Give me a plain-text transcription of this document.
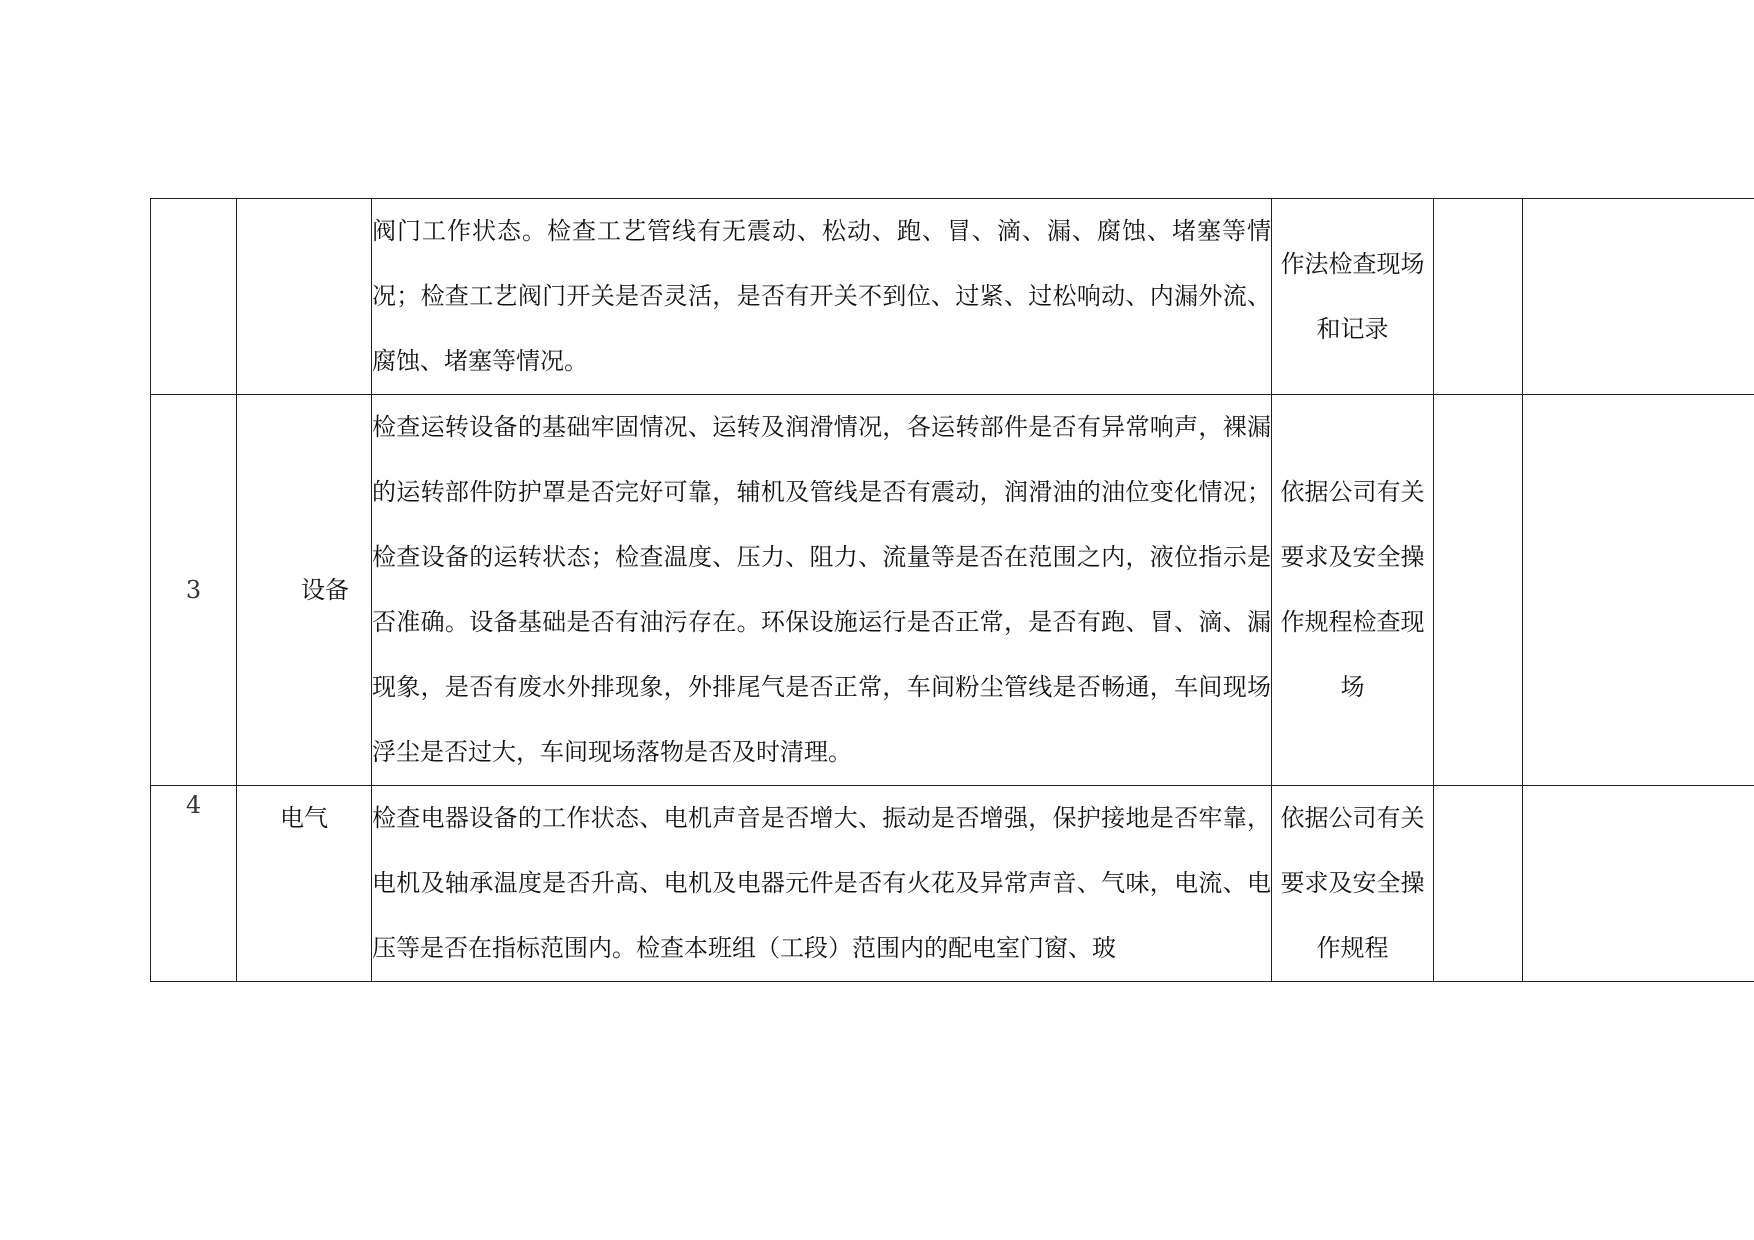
		阀门工作状态。检查工艺管线有无震动、松动、跑、冒、滴、漏、腐蚀、堵塞等情况；检查工艺阀门开关是否灵活，是否有开关不到位、过紧、过松响动、内漏外流、腐蚀、堵塞等情况。	作法检查现场和记录		

3	设备	检查运转设备的基础牢固情况、运转及润滑情况，各运转部件是否有异常响声，裸漏的运转部件防护罩是否完好可靠，辅机及管线是否有震动，润滑油的油位变化情况；检查设备的运转状态；检查温度、压力、阻力、流量等是否在范围之内，液位指示是否准确。设备基础是否有油污存在。环保设施运行是否正常，是否有跑、冒、滴、漏现象，是否有废水外排现象，外排尾气是否正常，车间粉尘管线是否畅通，车间现场浮尘是否过大，车间现场落物是否及时清理。	依据公司有关要求及安全操作规程检查现场		

4	电气	检查电器设备的工作状态、电机声音是否增大、振动是否增强，保护接地是否牢靠，电机及轴承温度是否升高、电机及电器元件是否有火花及异常声音、气味，电流、电压等是否在指标范围内。检查本班组（工段）范围内的配电室门窗、玻	依据公司有关要求及安全操作规程		
